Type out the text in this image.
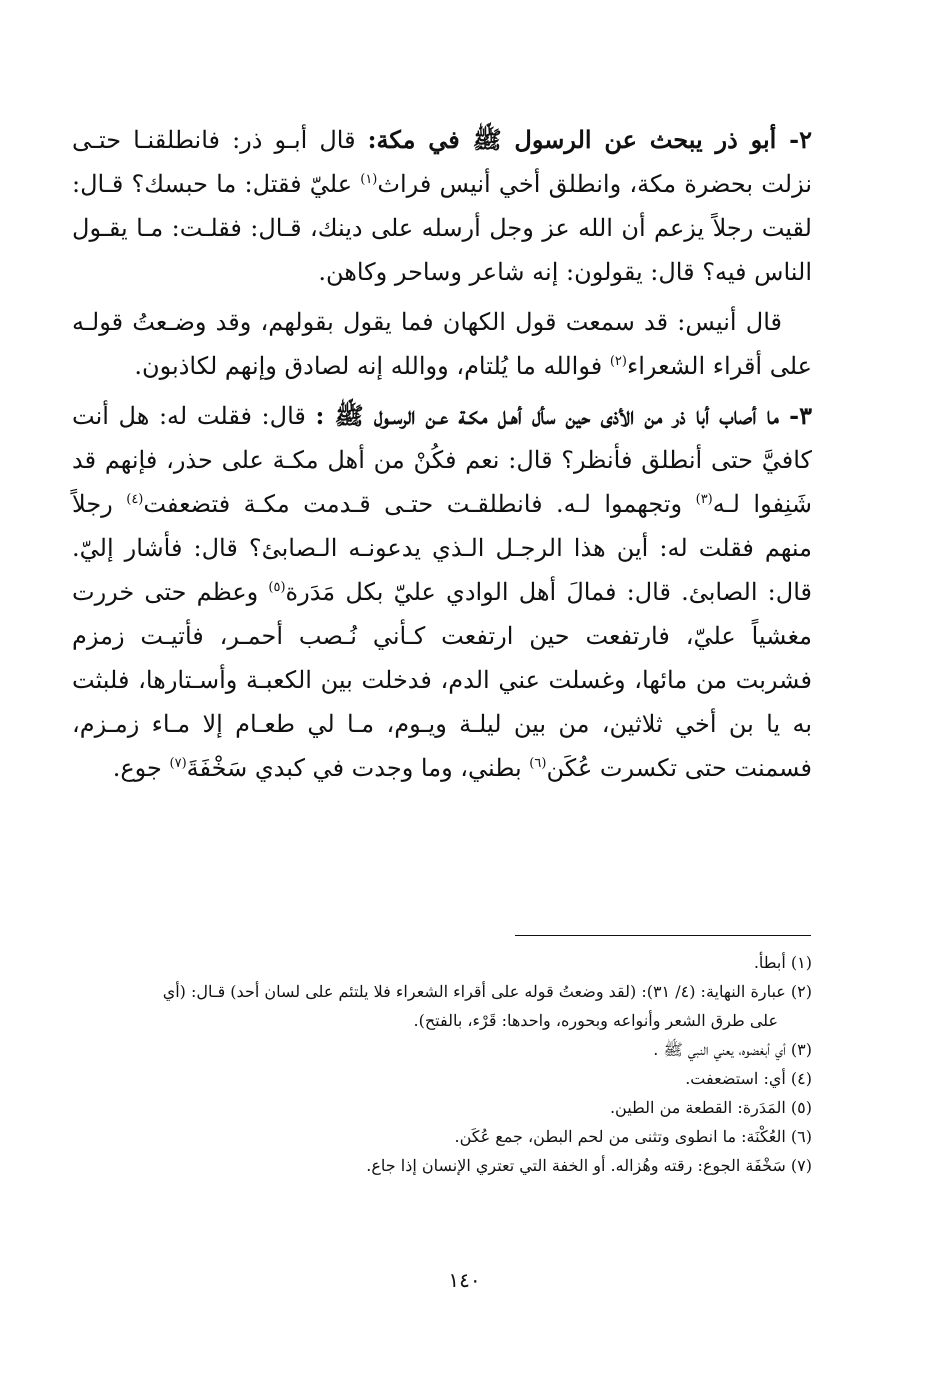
٢- أبو ذر يبحث عن الرسول ﷺ في مكة: قال أبـو ذر: فانطلقنـا حتـى نزلت بحضرة مكة، وانطلق أخي أنيس فراث$^{(١)}$ عليّ فقتل: ما حبسك؟ قـال: لقيت رجلاً يزعم أن الله عز وجل أرسله على دينك، قـال: فقلـت: مـا يقـول الناس فيه؟ قال: يقولون: إنه شاعر وساحر وكاهن.

قال أنيس: قد سمعت قول الكهان فما يقول بقولهم، وقد وضـعتُ قولـه على أقراء الشعراء$^{(٢)}$ فوالله ما يُلتام، ووالله إنه لصادق وإنهم لكاذبون.

٣- ما أصاب أبا ذر من الأذى حين سأل أهـل مكـة عـن الرسـول ﷺ : قال: فقلت له: هل أنت كافيَّ حتى أنطلق فأنظر؟ قال: نعم فكُنْ من أهل مكـة على حذر، فإنهم قد شَنِفوا لـه$^{(٣)}$ وتجهموا لـه. فانطلقـت حتـى قـدمت مكـة فتضعفت$^{(٤)}$ رجلاً منهم فقلت له: أين هذا الرجـل الـذي يدعونـه الـصابئ؟ قال: فأشار إليّ. قال: الصابئ. قال: فمالَ أهل الوادي عليّ بكل مَدَرة$^{(٥)}$ وعظم حتى خررت مغشياً عليّ، فارتفعت حين ارتفعت كـأني نُـصب أحمـر، فأتيـت زمزم فشربت من مائها، وغسلت عني الدم، فدخلت بين الكعبـة وأسـتارها، فلبثت به يا بن أخي ثلاثين، من بين ليلـة ويـوم، مـا لي طعـام إلا مـاء زمـزم، فسمنت حتى تكسرت عُكَن$^{(٦)}$ بطني، وما وجدت في كبدي سَخْفَةَ$^{(٧)}$ جوع.

(١) أبطأ.

(٢) عبارة النهاية: (٤/ ٣١): (لقد وضعتُ قوله على أقراء الشعراء فلا يلتئم على لسان أحد) قـال: (أي
على طرق الشعر وأنواعه وبحوره، واحدها: قَرْء، بالفتح).

(٣) أي أبغضوه، يعني النبي ﷺ .

(٤) أي: استضعفت.

(٥) المَدَرة: القطعة من الطين.

(٦) العُكْنَة: ما انطوى وتثنى من لحم البطن، جمع عُكَن.

(٧) سَخْفَة الجوع: رقته وهُزاله. أو الخفة التي تعتري الإنسان إذا جاع.

١٤٠
